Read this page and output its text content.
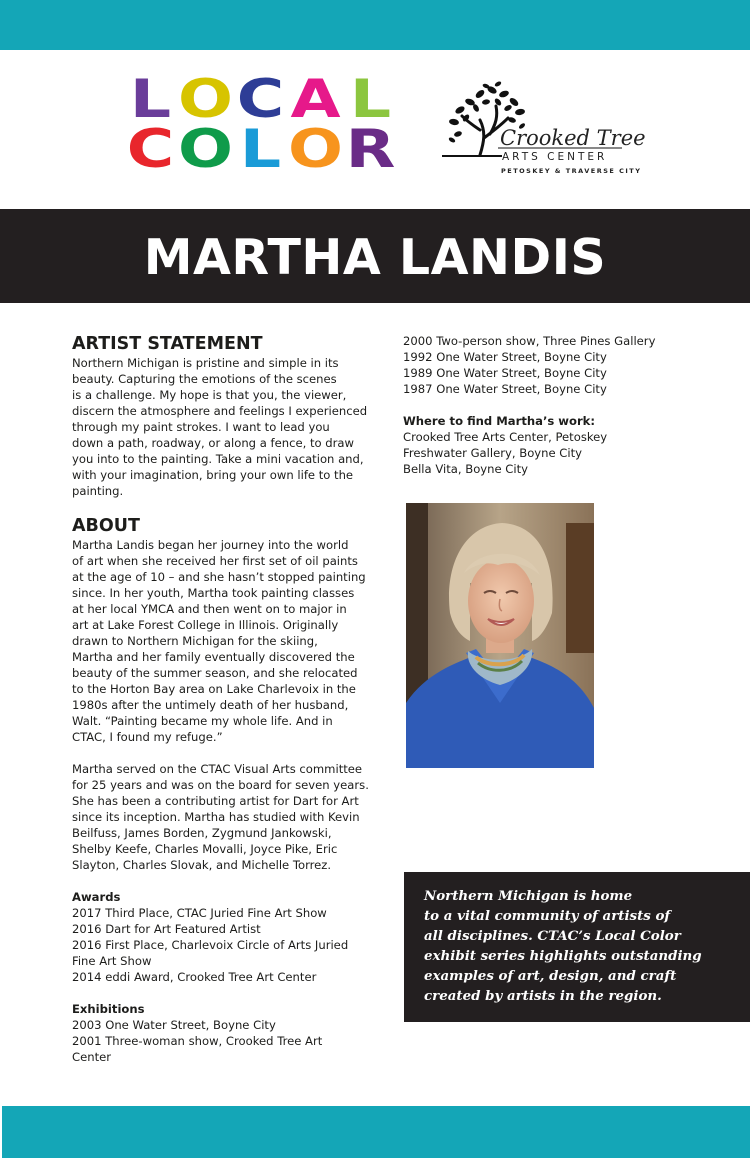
L O C A L
C O L O R	Crooked Tree
ARTS CENTER
PETOSKEY & TRAVERSE CITY
MARTHA LANDIS
ARTIST STATEMENT

Northern Michigan is pristine and simple in its
beauty. Capturing the emotions of the scenes
is a challenge. My hope is that you, the viewer,
discern the atmosphere and feelings I experienced
through my paint strokes. I want to lead you
down a path, roadway, or along a fence, to draw
you into to the painting. Take a mini vacation and,
with your imagination, bring your own life to the
painting.

ABOUT

Martha Landis began her journey into the world
of art when she received her first set of oil paints
at the age of 10 – and she hasn’t stopped painting
since. In her youth, Martha took painting classes
at her local YMCA and then went on to major in
art at Lake Forest College in Illinois. Originally
drawn to Northern Michigan for the skiing,
Martha and her family eventually discovered the
beauty of the summer season, and she relocated
to the Horton Bay area on Lake Charlevoix in the
1980s after the untimely death of her husband,
Walt. “Painting became my whole life. And in
CTAC, I found my refuge.”

Martha served on the CTAC Visual Arts committee
for 25 years and was on the board for seven years.
She has been a contributing artist for Dart for Art
since its inception. Martha has studied with Kevin
Beilfuss, James Borden, Zygmund Jankowski,
Shelby Keefe, Charles Movalli, Joyce Pike, Eric
Slayton, Charles Slovak, and Michelle Torrez.

Awards

2017 Third Place, CTAC Juried Fine Art Show
2016 Dart for Art Featured Artist
2016 First Place, Charlevoix Circle of Arts Juried
Fine Art Show
2014 eddi Award, Crooked Tree Art Center

Exhibitions

2003 One Water Street, Boyne City
2001 Three-woman show, Crooked Tree Art
Center

2000 Two-person show, Three Pines Gallery
1992 One Water Street, Boyne City
1989 One Water Street, Boyne City
1987 One Water Street, Boyne City

Where to find Martha’s work:

Crooked Tree Arts Center, Petoskey
Freshwater Gallery, Boyne City
Bella Vita, Boyne City

Northern Michigan is home
to a vital community of artists of
all disciplines. CTAC’s Local Color
exhibit series highlights outstanding
examples of art, design, and craft
created by artists in the region.
